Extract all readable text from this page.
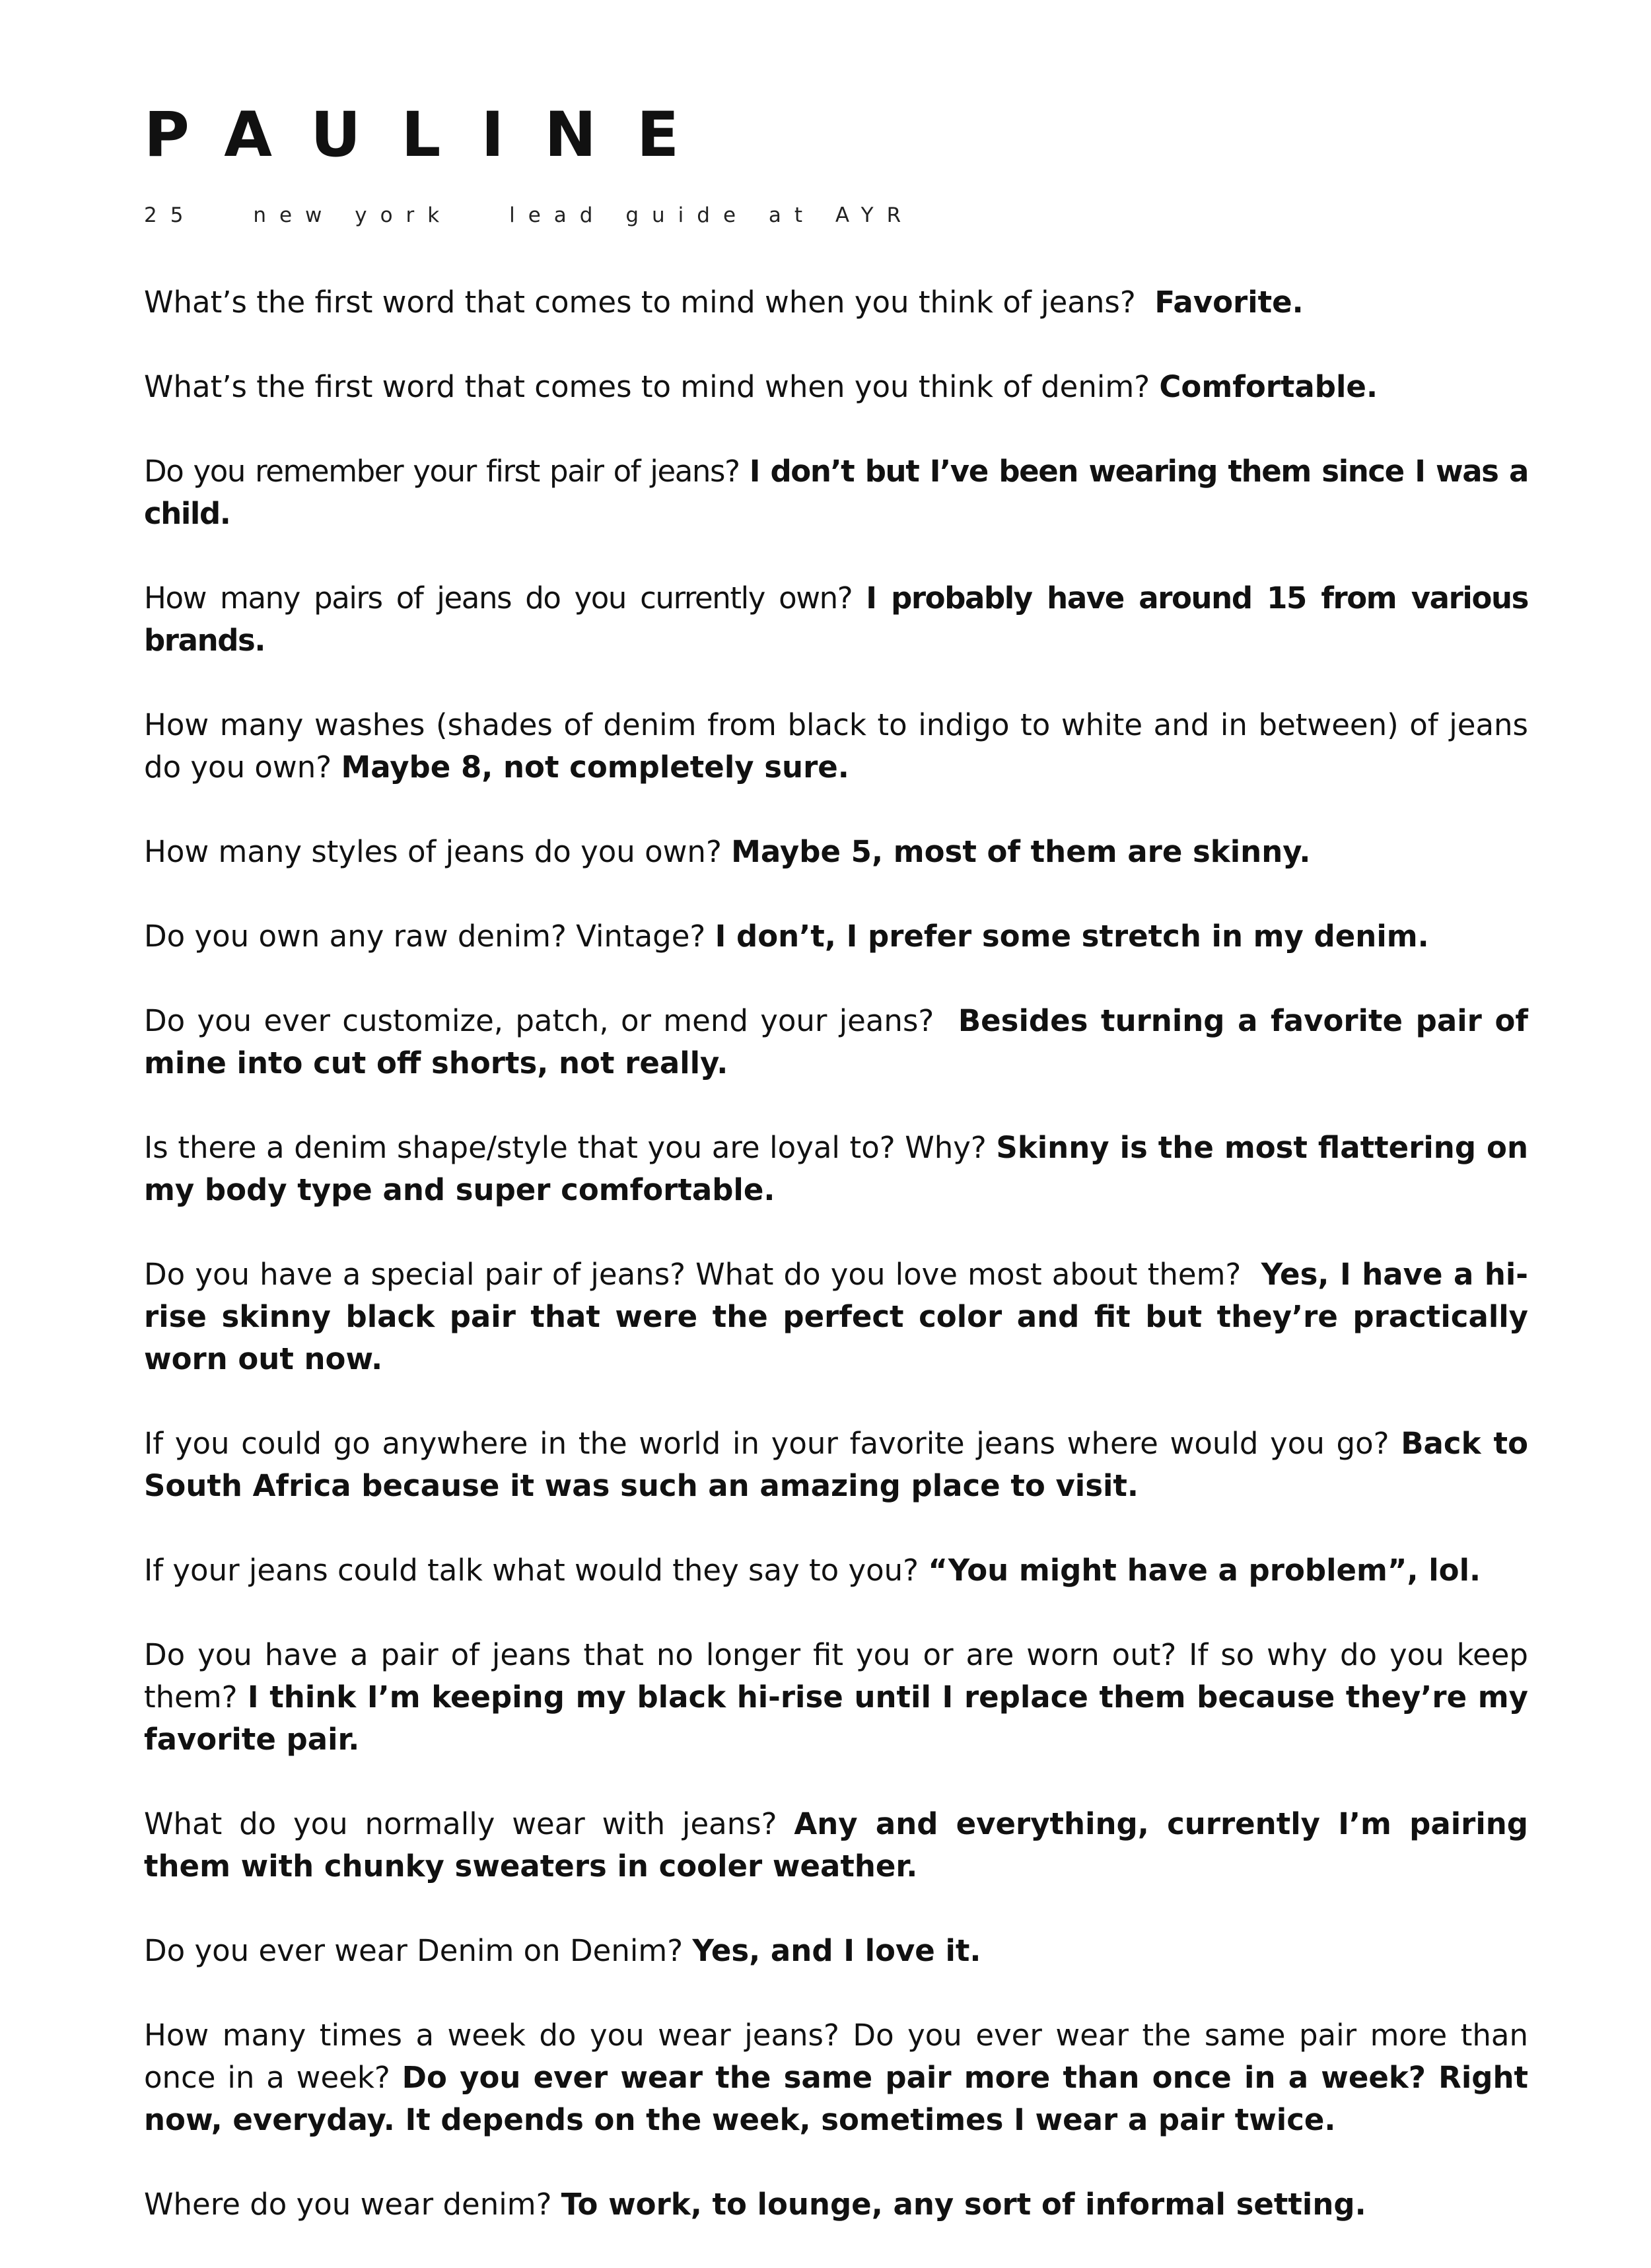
PAULINE
25	new york	lead guide at AYR

What’s the first word that comes to mind when you think of jeans? Favorite.

What’s the first word that comes to mind when you think of denim? Comfortable.

Do you remember your first pair of jeans? I don’t but I’ve been wearing them since I was a child.

How many pairs of jeans do you currently own? I probably have around 15 from various brands.

How many washes (shades of denim from black to indigo to white and in between) of jeans do you own? Maybe 8, not completely sure.

How many styles of jeans do you own? Maybe 5, most of them are skinny.

Do you own any raw denim? Vintage? I don’t, I prefer some stretch in my denim.

Do you ever customize, patch, or mend your jeans? Besides turning a favorite pair of mine into cut off shorts, not really.

Is there a denim shape/style that you are loyal to? Why? Skinny is the most flattering on my body type and super comfortable.

Do you have a special pair of jeans? What do you love most about them? Yes, I have a hi-rise skinny black pair that were the perfect color and fit but they’re practically worn out now.

If you could go anywhere in the world in your favorite jeans where would you go? Back to South Africa because it was such an amazing place to visit.

If your jeans could talk what would they say to you? “You might have a problem”, lol.

Do you have a pair of jeans that no longer fit you or are worn out? If so why do you keep them? I think I’m keeping my black hi-rise until I replace them because they’re my favorite pair.

What do you normally wear with jeans? Any and everything, currently I’m pairing them with chunky sweaters in cooler weather.

Do you ever wear Denim on Denim? Yes, and I love it.

How many times a week do you wear jeans? Do you ever wear the same pair more than once in a week? Do you ever wear the same pair more than once in a week? Right now, everyday. It depends on the week, sometimes I wear a pair twice.

Where do you wear denim? To work, to lounge, any sort of informal setting.
